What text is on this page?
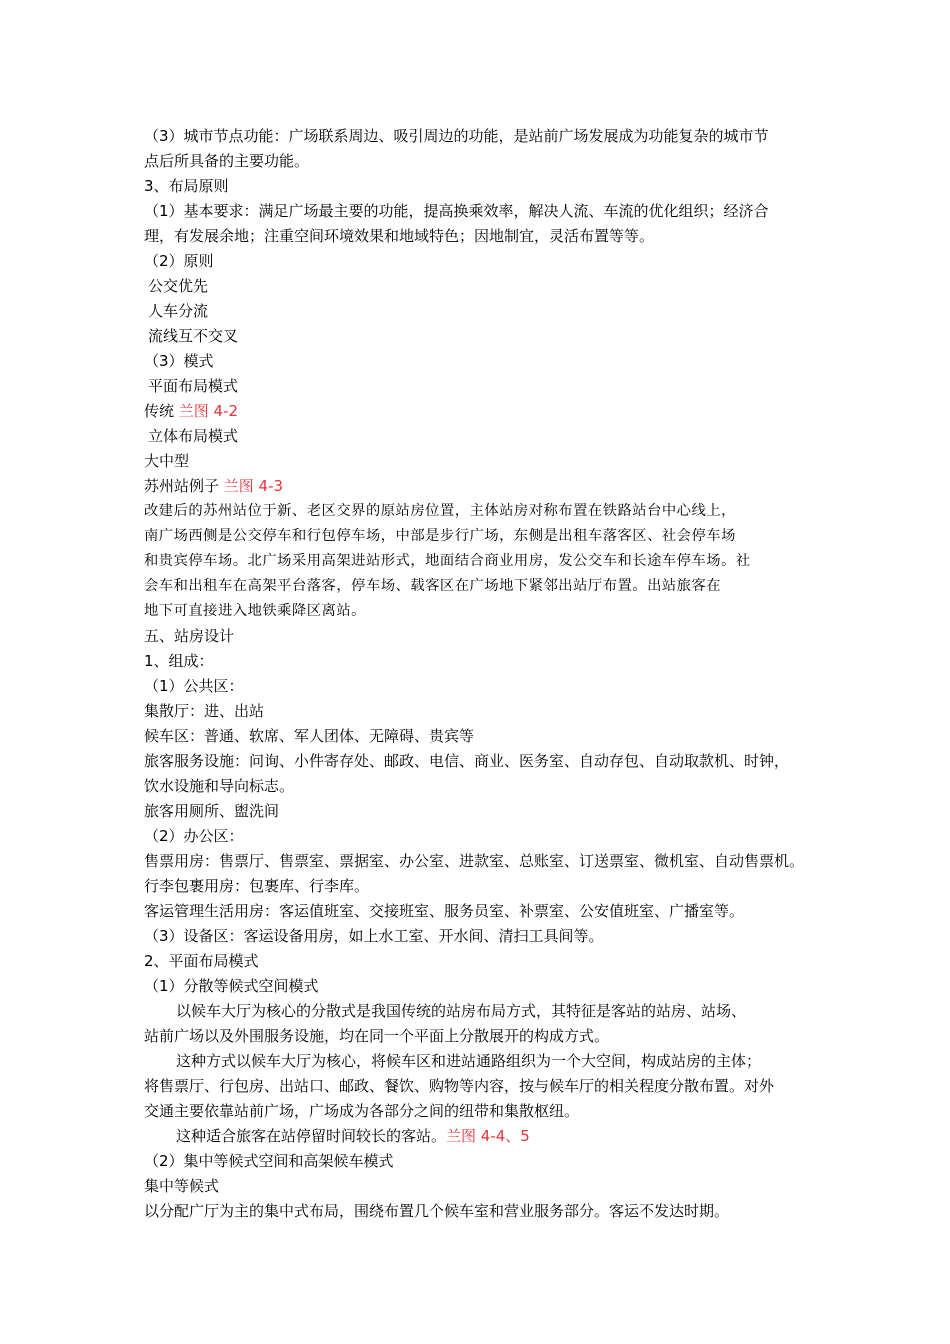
（3）城市节点功能：广场联系周边、吸引周边的功能，是站前广场发展成为功能复杂的城市节
点后所具备的主要功能。
3、布局原则
（1）基本要求：满足广场最主要的功能，提高换乘效率，解决人流、车流的优化组织；经济合
理，有发展余地；注重空间环境效果和地域特色；因地制宜，灵活布置等等。
（2）原则
公交优先
人车分流
流线互不交叉
（3）模式
平面布局模式
传统 兰图 4-2
立体布局模式
大中型
苏州站例子 兰图 4-3
改建后的苏州站位于新、老区交界的原站房位置，主体站房对称布置在铁路站台中心线上，
南广场西侧是公交停车和行包停车场，中部是步行广场，东侧是出租车落客区、社会停车场
和贵宾停车场。北广场采用高架进站形式，地面结合商业用房，发公交车和长途车停车场。社
会车和出租车在高架平台落客，停车场、载客区在广场地下紧邻出站厅布置。出站旅客在
地下可直接进入地铁乘降区离站。
五、站房设计
1、组成：
（1）公共区：
集散厅：进、出站
候车区：普通、软席、军人团体、无障碍、贵宾等
旅客服务设施：问询、小件寄存处、邮政、电信、商业、医务室、自动存包、自动取款机、时钟，
饮水设施和导向标志。
旅客用厕所、盥洗间
（2）办公区：
售票用房：售票厅、售票室、票据室、办公室、进款室、总账室、订送票室、微机室、自动售票机。
行李包裹用房：包裹库、行李库。
客运管理生活用房：客运值班室、交接班室、服务员室、补票室、公安值班室、广播室等。
（3）设备区：客运设备用房，如上水工室、开水间、清扫工具间等。
2、平面布局模式
（1）分散等候式空间模式
以候车大厅为核心的分散式是我国传统的站房布局方式，其特征是客站的站房、站场、
站前广场以及外围服务设施，均在同一个平面上分散展开的构成方式。
这种方式以候车大厅为核心，将候车区和进站通路组织为一个大空间，构成站房的主体；
将售票厅、行包房、出站口、邮政、餐饮、购物等内容，按与候车厅的相关程度分散布置。对外
交通主要依靠站前广场，广场成为各部分之间的纽带和集散枢纽。
这种适合旅客在站停留时间较长的客站。兰图 4-4、5
（2）集中等候式空间和高架候车模式
集中等候式
以分配广厅为主的集中式布局，围绕布置几个候车室和营业服务部分。客运不发达时期。
